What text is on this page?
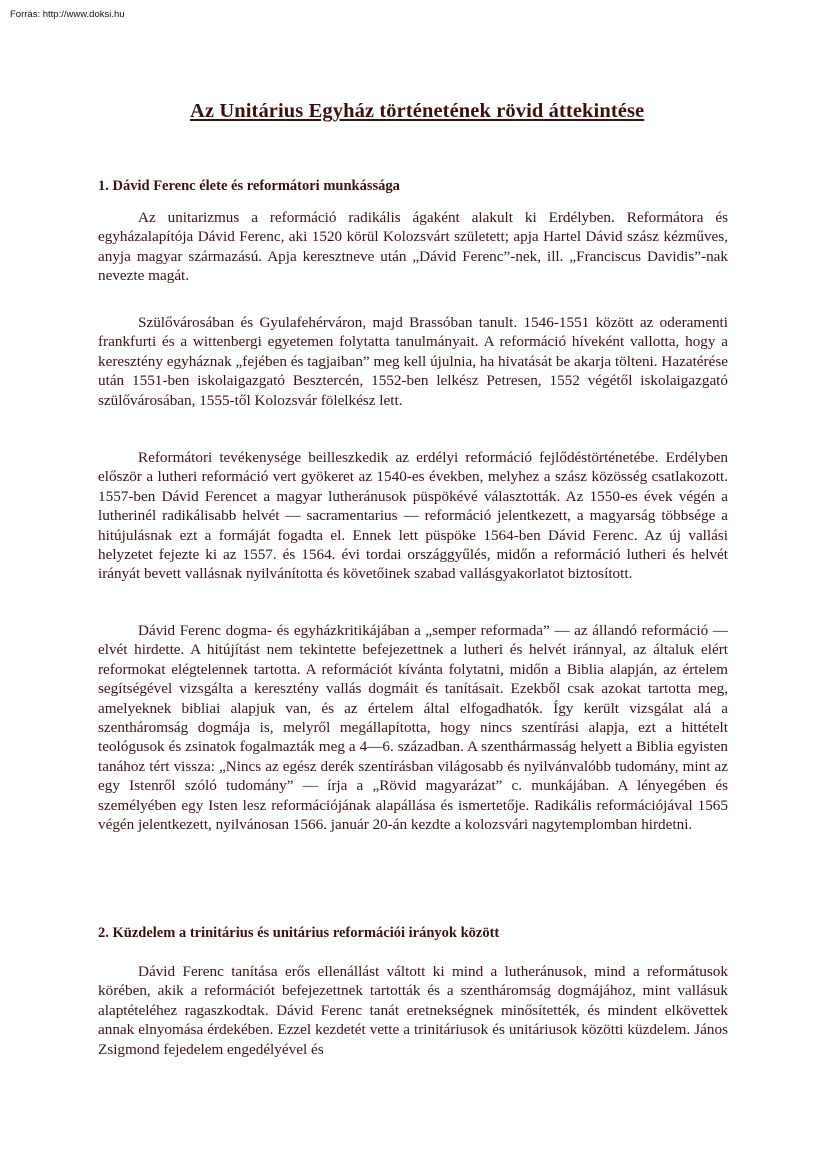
Forrás: http://www.doksi.hu
Az Unitárius Egyház történetének rövid áttekintése
1. Dávid Ferenc élete és reformátori munkássága

Az unitarizmus a reformáció radikális ágaként alakult ki Erdélyben. Reformátora és egyházalapítója Dávid Ferenc, aki 1520 körül Kolozsvárt született; apja Hartel Dávid szász kézműves, anyja magyar származású. Apja keresztneve után „Dávid Ferenc”-nek, ill. „Franciscus Davidis”-nak nevezte magát.

Szülővárosában és Gyulafehérváron, majd Brassóban tanult. 1546-1551 között az oderamenti frankfurti és a wittenbergi egyetemen folytatta tanulmányait. A reformáció híveként vallotta, hogy a keresztény egyháznak „fejében és tagjaiban” meg kell újulnia, ha hivatását be akarja tölteni. Hazatérése után 1551-ben iskolaigazgató Besztercén, 1552-ben lelkész Petresen, 1552 végétől iskolaigazgató szülővárosában, 1555-től Kolozsvár fölelkész lett.

Reformátori tevékenysége beilleszkedik az erdélyi reformáció fejlődéstörténetébe. Erdélyben először a lutheri reformáció vert gyökeret az 1540-es években, melyhez a szász közösség csatlakozott. 1557-ben Dávid Ferencet a magyar lutheránusok püspökévé választották. Az 1550-es évek végén a lutherinél radikálisabb helvét — sacramentarius — reformáció jelentkezett, a magyarság többsége a hitújulásnak ezt a formáját fogadta el. Ennek lett püspöke 1564-ben Dávid Ferenc. Az új vallási helyzetet fejezte ki az 1557. és 1564. évi tordai országgyűlés, midőn a reformáció lutheri és helvét irányát bevett vallásnak nyilvánította és követőinek szabad vallásgyakorlatot biztosított.

Dávid Ferenc dogma- és egyházkritikájában a „semper reformada” — az állandó reformáció — elvét hirdette. A hitújítást nem tekintette befejezettnek a lutheri és helvét iránnyal, az általuk elért reformokat elégtelennek tartotta. A reformációt kívánta folytatni, midőn a Biblia alapján, az értelem segítségével vizsgálta a keresztény vallás dogmáit és tanításait. Ezekből csak azokat tartotta meg, amelyeknek bibliai alapjuk van, és az értelem által elfogadhatók. Így került vizsgálat alá a szentháromság dogmája is, melyről megállapította, hogy nincs szentírási alapja, ezt a hittételt teológusok és zsinatok fogalmazták meg a 4—6. században. A szenthármasság helyett a Biblia egyisten tanához tért vissza: „Nincs az egész derék szentírásban világosabb és nyilvánvalóbb tudomány, mint az egy Istenről szóló tudomány” — írja a „Rövid magyarázat” c. munkájában. A lényegében és személyében egy Isten lesz reformációjának alapállása és ismertetője. Radikális reformációjával 1565 végén jelentkezett, nyilvánosan 1566. január 20-án kezdte a kolozsvári nagytemplomban hirdetni.

2. Küzdelem a trinitárius és unitárius reformációi irányok között

Dávid Ferenc tanítása erős ellenállást váltott ki mind a lutheránusok, mind a reformátusok körében, akik a reformációt befejezettnek tartották és a szentháromság dogmájához, mint vallásuk alaptételéhez ragaszkodtak. Dávid Ferenc tanát eretnekségnek minősítették, és mindent elkövettek annak elnyomása érdekében. Ezzel kezdetét vette a trinitáriusok és unitáriusok közötti küzdelem. János Zsigmond fejedelem engedélyével és
